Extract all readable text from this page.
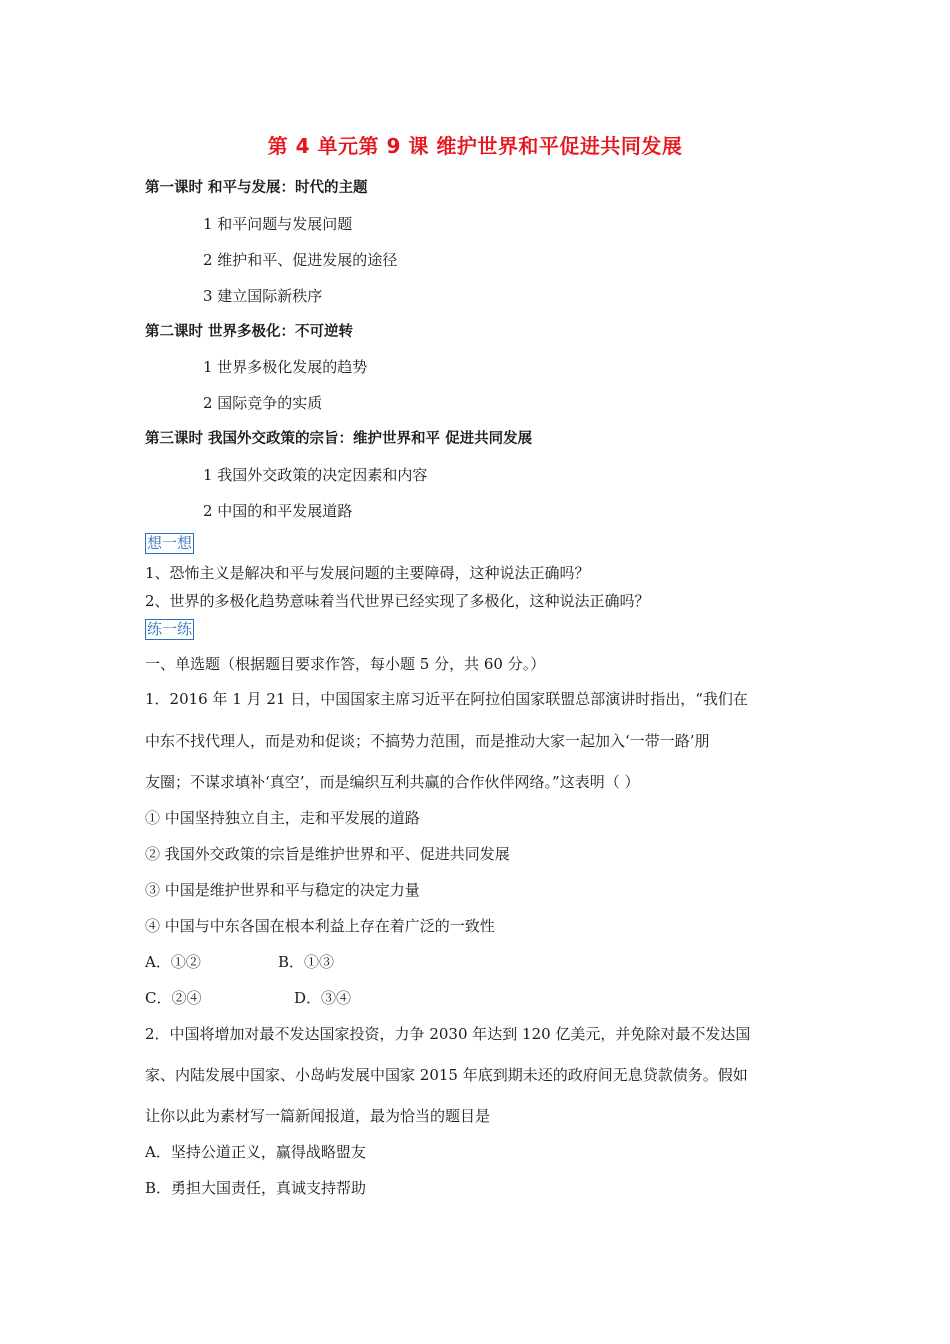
第 4 单元第 9 课 维护世界和平促进共同发展
第一课时 和平与发展：时代的主题
1 和平问题与发展问题
2 维护和平、促进发展的途径
3 建立国际新秩序
第二课时 世界多极化：不可逆转
1 世界多极化发展的趋势
2 国际竞争的实质
第三课时 我国外交政策的宗旨：维护世界和平 促进共同发展
1 我国外交政策的决定因素和内容
2 中国的和平发展道路
想一想
1、恐怖主义是解决和平与发展问题的主要障碍，这种说法正确吗？
2、世界的多极化趋势意味着当代世界已经实现了多极化，这种说法正确吗？
练一练
一、单选题（根据题目要求作答，每小题 5 分，共 60 分。）
1．2016 年 1 月 21 日，中国国家主席习近平在阿拉伯国家联盟总部演讲时指出，“我们在
中东不找代理人，而是劝和促谈；不搞势力范围，而是推动大家一起加入‘一带一路’朋
友圈；不谋求填补‘真空’，而是编织互利共赢的合作伙伴网络。”这表明（ ）
① 中国坚持独立自主，走和平发展的道路
② 我国外交政策的宗旨是维护世界和平、促进共同发展
③ 中国是维护世界和平与稳定的决定力量
④ 中国与中东各国在根本利益上存在着广泛的一致性
A．①②	B．①③
C．②④	D．③④
2．中国将增加对最不发达国家投资，力争 2030 年达到 120 亿美元，并免除对最不发达国
家、内陆发展中国家、小岛屿发展中国家 2015 年底到期未还的政府间无息贷款债务。假如
让你以此为素材写一篇新闻报道，最为恰当的题目是
A．坚持公道正义，赢得战略盟友
B．勇担大国责任，真诚支持帮助
